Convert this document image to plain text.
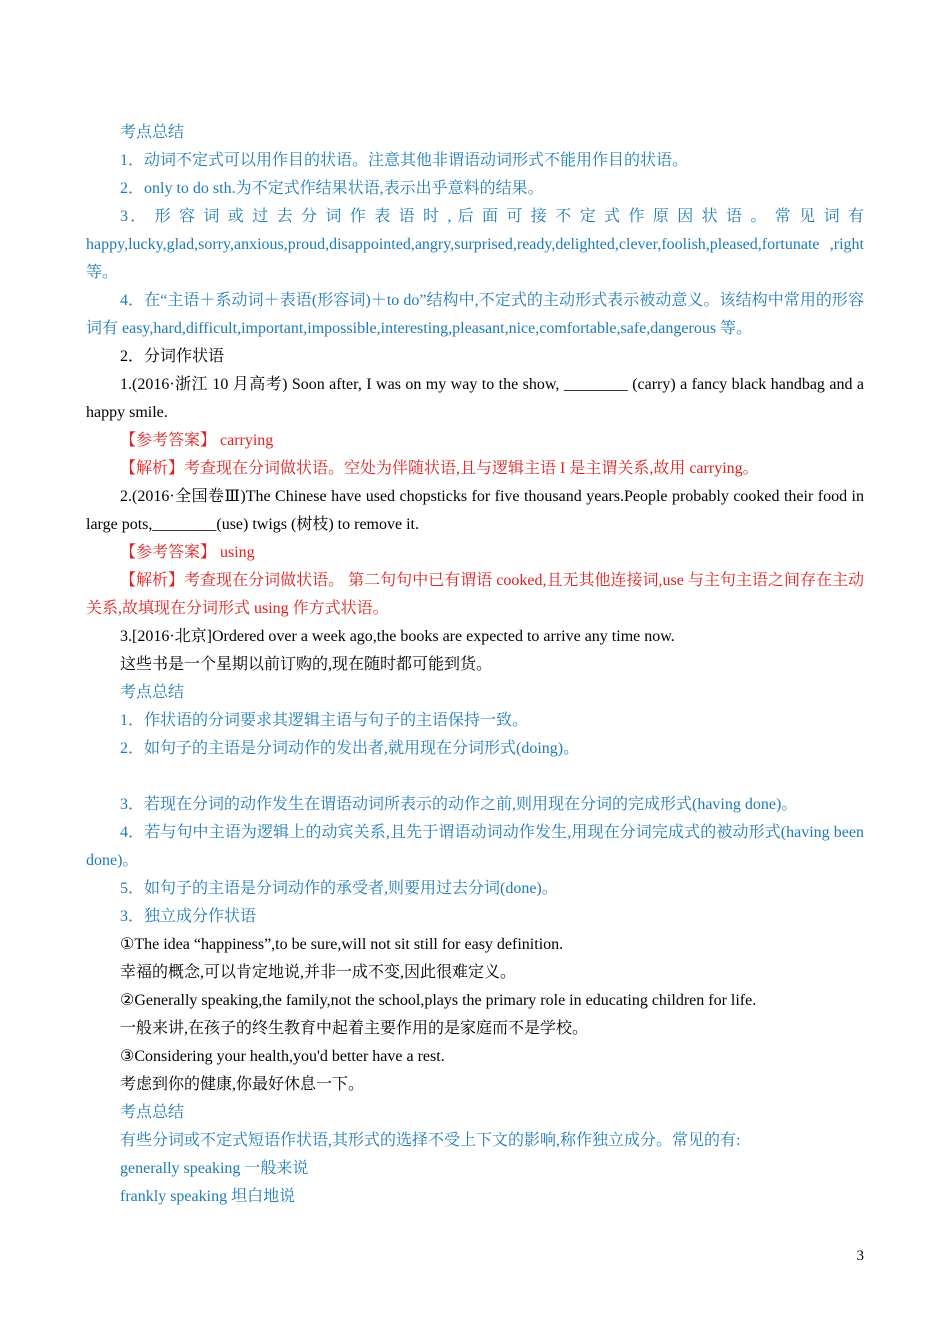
考点总结

1．动词不定式可以用作目的状语。注意其他非谓语动词形式不能用作目的状语。

2．only to do sth.为不定式作结果状语,表示出乎意料的结果。

3． 形 容 词 或 过 去 分 词 作 表 语 时 , 后 面 可 接 不 定 式 作 原 因 状 语 。 常 见 词 有 happy,lucky,glad,sorry,anxious,proud,disappointed,angry,surprised,ready,delighted,clever,foolish,pleased,fortunate ,right 等。

4．在“主语＋系动词＋表语(形容词)＋to do”结构中,不定式的主动形式表示被动意义。该结构中常用的形容词有 easy,hard,difficult,important,impossible,interesting,pleasant,nice,comfortable,safe,dangerous 等。

2．分词作状语

1.(2016·浙江 10 月高考) Soon after, I was on my way to the show, ________ (carry) a fancy black handbag and a happy smile.

【参考答案】 carrying

【解析】考查现在分词做状语。空处为伴随状语,且与逻辑主语 I 是主谓关系,故用 carrying。

2.(2016·全国卷Ⅲ)The Chinese have used chopsticks for five thousand years.People probably cooked their food in large pots,________(use) twigs (树枝) to remove it.

【参考答案】 using

【解析】考查现在分词做状语。 第二句句中已有谓语 cooked,且无其他连接词,use 与主句主语之间存在主动关系,故填现在分词形式 using 作方式状语。

3.[2016·北京]Ordered over a week ago,the books are expected to arrive any time now.

这些书是一个星期以前订购的,现在随时都可能到货。

考点总结

1．作状语的分词要求其逻辑主语与句子的主语保持一致。

2．如句子的主语是分词动作的发出者,就用现在分词形式(doing)。

3．若现在分词的动作发生在谓语动词所表示的动作之前,则用现在分词的完成形式(having done)。

4．若与句中主语为逻辑上的动宾关系,且先于谓语动词动作发生,用现在分词完成式的被动形式(having been done)。

5．如句子的主语是分词动作的承受者,则要用过去分词(done)。

3．独立成分作状语

①The idea “happiness”,to be sure,will not sit still for easy definition.

幸福的概念,可以肯定地说,并非一成不变,因此很难定义。

②Generally speaking,the family,not the school,plays the primary role in educating children for life.

一般来讲,在孩子的终生教育中起着主要作用的是家庭而不是学校。

③Considering your health,you'd better have a rest.

考虑到你的健康,你最好休息一下。

考点总结

有些分词或不定式短语作状语,其形式的选择不受上下文的影响,称作独立成分。常见的有:

generally speaking 一般来说

frankly speaking 坦白地说

3
